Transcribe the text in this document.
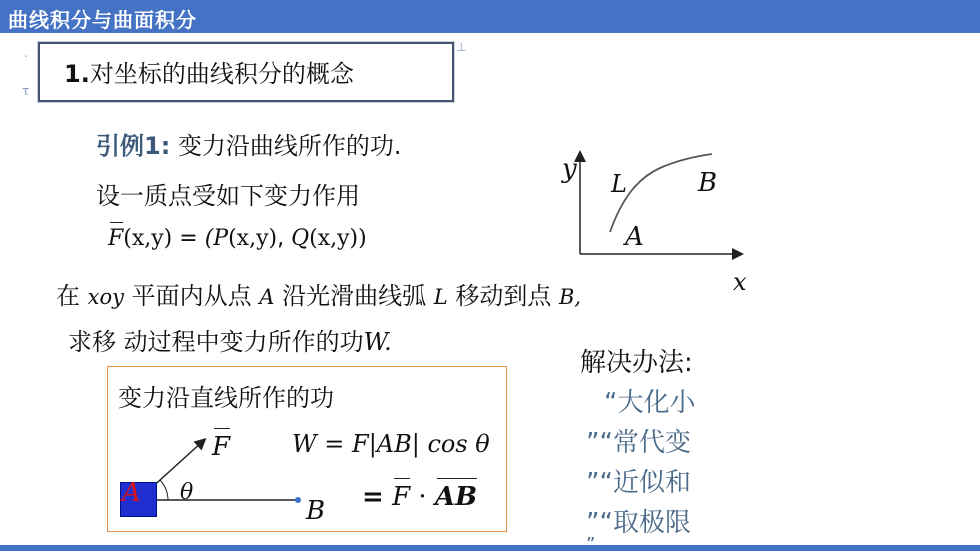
曲线积分与曲面积分
1.对坐标的曲线积分的概念
.
τ
⊥
引例1: 变力沿曲线所作的功.
设一质点受如下变力作用
F(x,y) = (P(x,y), Q(x,y))
在 xoy 平面内从点 A 沿光滑曲线弧 L 移动到点 B,
求移 动过程中变力所作的功W.
y
x
L
A
B
变力沿直线所作的功
A θ
B
F	W = F|AB| cos θ
= F · AB
解决办法:
“大化小
”“常代变
”“近似和
”“取极限
